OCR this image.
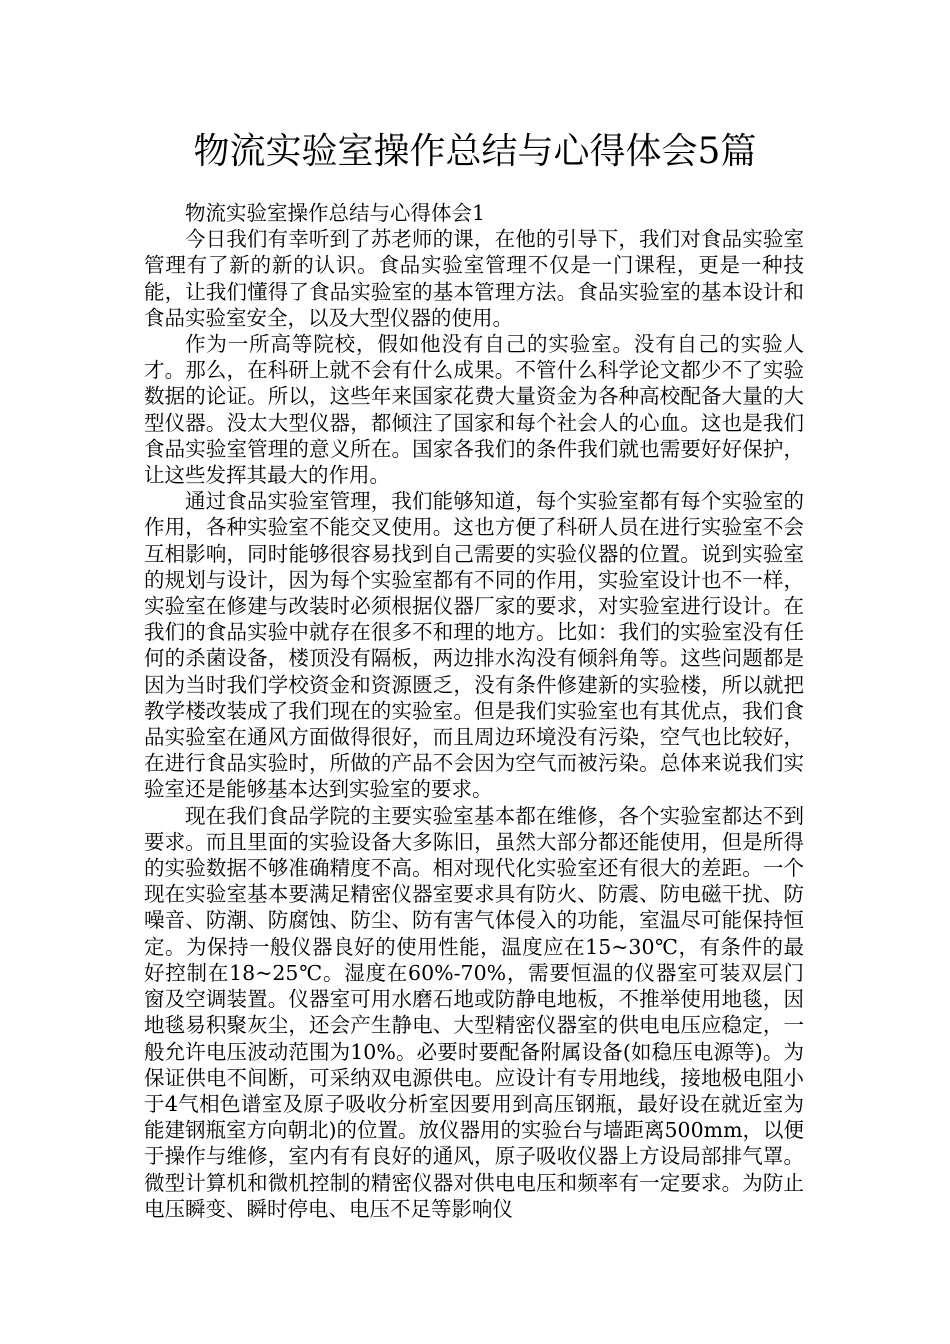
物流实验室操作总结与心得体会5篇

物流实验室操作总结与心得体会1

今日我们有幸听到了苏老师的课，在他的引导下，我们对食品实验室管理有了新的新的认识。食品实验室管理不仅是一门课程，更是一种技能，让我们懂得了食品实验室的基本管理方法。食品实验室的基本设计和食品实验室安全，以及大型仪器的使用。

作为一所高等院校，假如他没有自己的实验室。没有自己的实验人才。那么，在科研上就不会有什么成果。不管什么科学论文都少不了实验数据的论证。所以，这些年来国家花费大量资金为各种高校配备大量的大型仪器。没太大型仪器，都倾注了国家和每个社会人的心血。这也是我们食品实验室管理的意义所在。国家各我们的条件我们就也需要好好保护，让这些发挥其最大的作用。

通过食品实验室管理，我们能够知道，每个实验室都有每个实验室的作用，各种实验室不能交叉使用。这也方便了科研人员在进行实验室不会互相影响，同时能够很容易找到自己需要的实验仪器的位置。说到实验室的规划与设计，因为每个实验室都有不同的作用，实验室设计也不一样，实验室在修建与改装时必须根据仪器厂家的要求，对实验室进行设计。在我们的食品实验中就存在很多不和理的地方。比如：我们的实验室没有任何的杀菌设备，楼顶没有隔板，两边排水沟没有倾斜角等。这些问题都是因为当时我们学校资金和资源匮乏，没有条件修建新的实验楼，所以就把教学楼改装成了我们现在的实验室。但是我们实验室也有其优点，我们食品实验室在通风方面做得很好，而且周边环境没有污染，空气也比较好，在进行食品实验时，所做的产品不会因为空气而被污染。总体来说我们实验室还是能够基本达到实验室的要求。

现在我们食品学院的主要实验室基本都在维修，各个实验室都达不到要求。而且里面的实验设备大多陈旧，虽然大部分都还能使用，但是所得的实验数据不够准确精度不高。相对现代化实验室还有很大的差距。一个现在实验室基本要满足精密仪器室要求具有防火、防震、防电磁干扰、防噪音、防潮、防腐蚀、防尘、防有害气体侵入的功能，室温尽可能保持恒定。为保持一般仪器良好的使用性能，温度应在15~30℃，有条件的最好控制在18~25℃。湿度在60%-70%，需要恒温的仪器室可装双层门窗及空调装置。仪器室可用水磨石地或防静电地板，不推举使用地毯，因地毯易积聚灰尘，还会产生静电、大型精密仪器室的供电电压应稳定，一般允许电压波动范围为10%。必要时要配备附属设备(如稳压电源等)。为保证供电不间断，可采纳双电源供电。应设计有专用地线，接地极电阻小于4气相色谱室及原子吸收分析室因要用到高压钢瓶，最好设在就近室为能建钢瓶室方向朝北)的位置。放仪器用的实验台与墙距离500mm，以便于操作与维修，室内有有良好的通风，原子吸收仪器上方设局部排气罩。微型计算机和微机控制的精密仪器对供电电压和频率有一定要求。为防止电压瞬变、瞬时停电、电压不足等影响仪
